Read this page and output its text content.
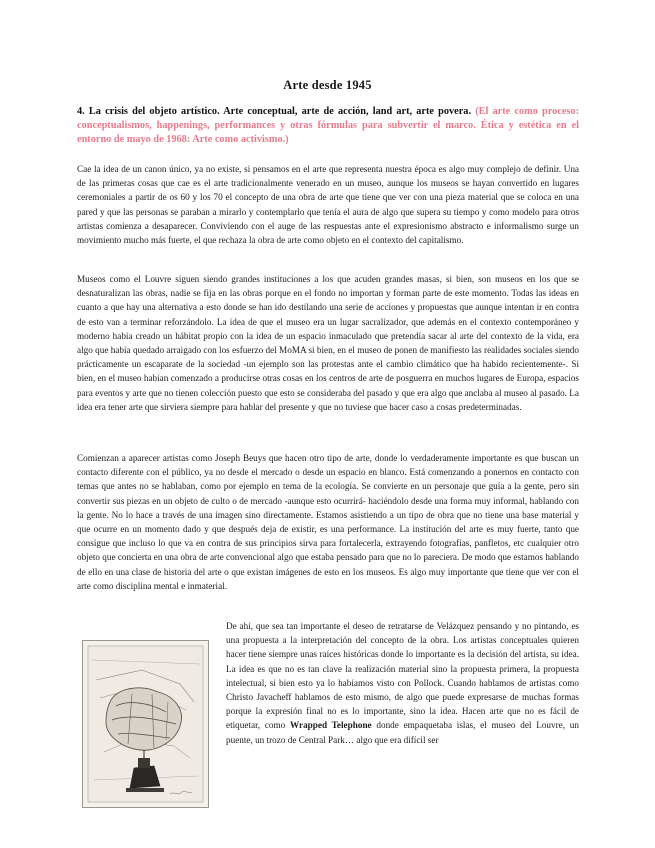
Arte desde 1945
4. La crisis del objeto artístico. Arte conceptual, arte de acción, land art, arte povera. (El arte como proceso: conceptualismos, happenings, performances y otras fórmulas para subvertir el marco. Ética y estética en el entorno de mayo de 1968: Arte como activismo.)

Cae la idea de un canon único, ya no existe, si pensamos en el arte que representa nuestra época es algo muy complejo de definir. Una de las primeras cosas que cae es el arte tradicionalmente venerado en un museo, aunque los museos se hayan convertido en lugares ceremoniales a partir de os 60 y los 70 el concepto de una obra de arte que tiene que ver con una pieza material que se coloca en una pared y que las personas se paraban a mirarlo y contemplarlo que tenía el aura de algo que supera su tiempo y como modelo para otros artistas comienza a desaparecer. Conviviendo con el auge de las respuestas ante el expresionismo abstracto e informalismo surge un movimiento mucho más fuerte, el que rechaza la obra de arte como objeto en el contexto del capitalismo.

Museos como el Louvre siguen siendo grandes instituciones a los que acuden grandes masas, si bien, son museos en los que se desnaturalizan las obras, nadie se fija en las obras porque en el fondo no importan y forman parte de este momento. Todas las ideas en cuanto a que hay una alternativa a esto donde se han ido destilando una serie de acciones y propuestas que aunque intentan ir en contra de esto van a terminar reforzándolo. La idea de que el museo era un lugar sacralizador, que además en el contexto contemporáneo y moderno había creado un hábitat propio con la idea de un espacio inmaculado que pretendía sacar al arte del contexto de la vida, era algo que había quedado arraigado con los esfuerzo del MoMA si bien, en el museo de ponen de manifiesto las realidades sociales siendo prácticamente un escaparate de la sociedad -un ejemplo son las protestas ante el cambio climático que ha habido recientemente-. Si bien, en el museo habían comenzado a producirse otras cosas en los centros de arte de posguerra en muchos lugares de Europa, espacios para eventos y arte que no tienen colección puesto que esto se consideraba del pasado y que era algo que anclaba al museo al pasado. La idea era tener arte que sirviera siempre para hablar del presente y que no tuviese que hacer caso a cosas predeterminadas.

Comienzan a aparecer artistas como Joseph Beuys que hacen otro tipo de arte, donde lo verdaderamente importante es que buscan un contacto diferente con el público, ya no desde el mercado o desde un espacio en blanco. Está comenzando a ponernos en contacto con temas que antes no se hablaban, como por ejemplo en tema de la ecología. Se convierte en un personaje que guía a la gente, pero sin convertir sus piezas en un objeto de culto o de mercado -aunque esto ocurrirá- haciéndolo desde una forma muy informal, hablando con la gente. No lo hace a través de una imagen sino directamente. Estamos asistiendo a un tipo de obra que no tiene una base material y que ocurre en un momento dado y que después deja de existir, es una performance. La institución del arte es muy fuerte, tanto que consigue que incluso lo que va en contra de sus principios sirva para fortalecerla, extrayendo fotografías, panfletos, etc cualquier otro objeto que concierta en una obra de arte convencional algo que estaba pensado para que no lo pareciera. De modo que estamos hablando de ello en una clase de historia del arte o que existan imágenes de esto en los museos. Es algo muy importante que tiene que ver con el arte como disciplina mental e inmaterial.

De ahí, que sea tan importante el deseo de retratarse de Velázquez pensando y no pintando, es una propuesta a la interpretación del concepto de la obra. Los artistas conceptuales quieren hacer tiene siempre unas raíces históricas donde lo importante es la decisión del artista, su idea. La idea es que no es tan clave la realización material sino la propuesta primera, la propuesta intelectual, si bien esto ya lo habíamos visto con Pollock. Cuando hablamos de artistas como Christo Javacheff hablamos de esto mismo, de algo que puede expresarse de muchas formas porque la expresión final no es lo importante, sino la idea. Hacen arte que no es fácil de etiquetar, como Wrapped Telephone donde empaquetaba islas, el museo del Louvre, un puente, un trozo de Central Park… algo que era difícil ser
